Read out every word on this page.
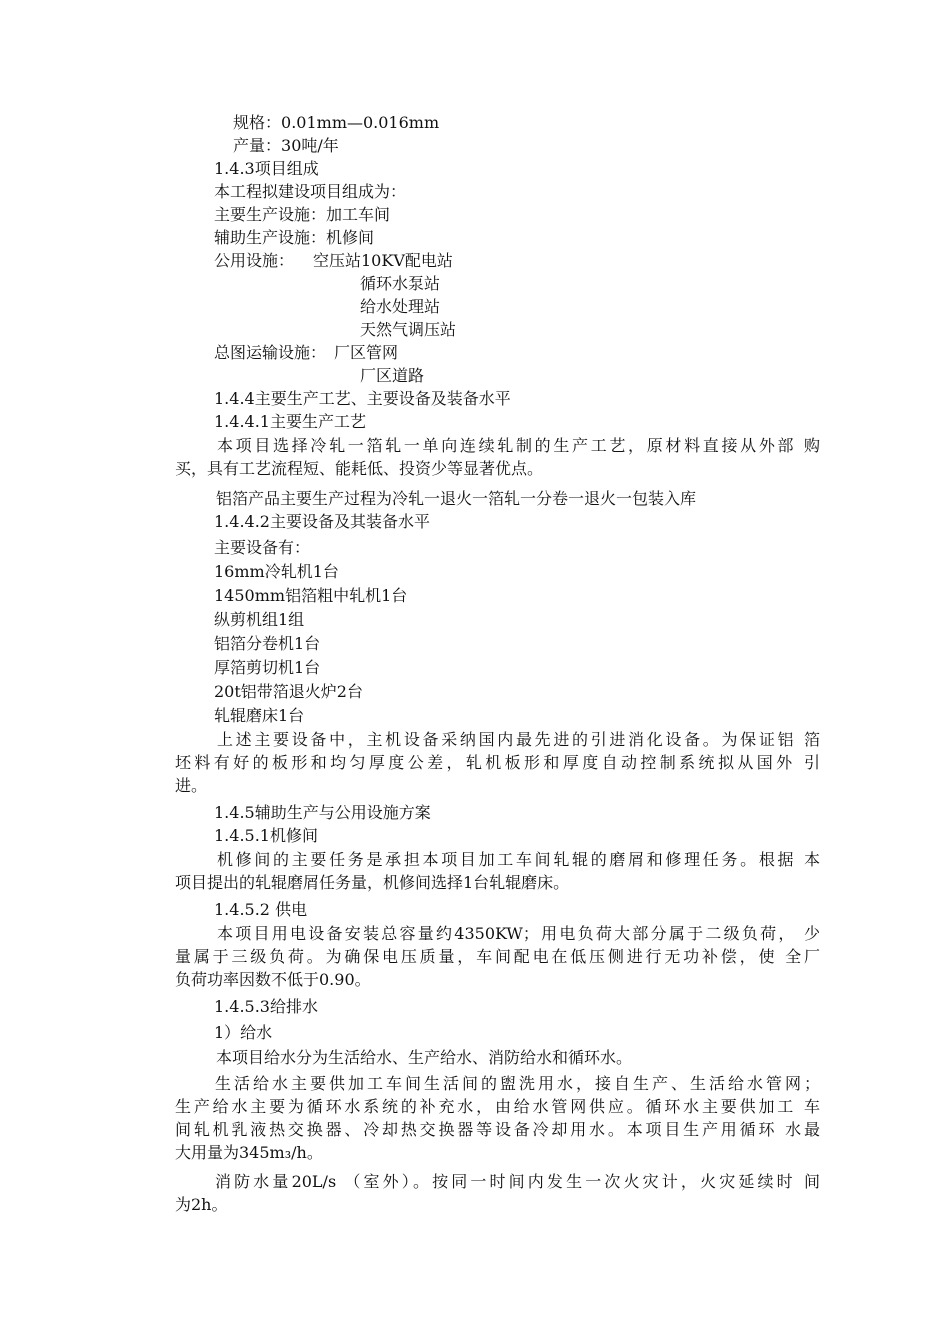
规格：0.01mm—0.016mm
产量：30吨/年
1.4.3项目组成
本工程拟建设项目组成为：
主要生产设施：加工车间
辅助生产设施：机修间
公用设施： 空压站10KV配电站
循环水泵站
给水处理站
天然气调压站
总图运输设施： 厂区管网
厂区道路
1.4.4主要生产工艺、主要设备及装备水平
1.4.4.1主要生产工艺

本项目选择冷轧一箔轧一单向连续轧制的生产工艺，原材料直接从外部 购

买，具有工艺流程短、能耗低、投资少等显著优点。

铝箔产品主要生产过程为冷轧一退火一箔轧一分卷一退火一包装入库
1.4.4.2主要设备及其装备水平
主要设备有：
16mm冷轧机1台
1450mm铝箔粗中轧机1台
纵剪机组1组
铝箔分卷机1台
厚箔剪切机1台
20t铝带箔退火炉2台
轧辊磨床1台

上述主要设备中，主机设备采纳国内最先进的引进消化设备。为保证铝 箔

坯料有好的板形和均匀厚度公差，轧机板形和厚度自动控制系统拟从国外 引

进。

1.4.5辅助生产与公用设施方案
1.4.5.1机修间

机修间的主要任务是承担本项目加工车间轧辊的磨屑和修理任务。根据 本

项目提出的轧辊磨屑任务量，机修间选择1台轧辊磨床。

1.4.5.2 供电

本项目用电设备安装总容量约4350KW；用电负荷大部分属于二级负荷， 少

量属于三级负荷。为确保电压质量，车间配电在低压侧进行无功补偿，使 全厂

负荷功率因数不低于0.90。

1.4.5.3给排水
1）给水
本项目给水分为生活给水、生产给水、消防给水和循环水。

生活给水主要供加工车间生活间的盥洗用水，接自生产、生活给水管网；

生产给水主要为循环水系统的补充水，由给水管网供应。循环水主要供加工 车

间轧机乳液热交换器、冷却热交换器等设备冷却用水。本项目生产用循环 水最

大用量为345m₃/h。

消防水量20L/s （室外）。按同一时间内发生一次火灾计，火灾延续时 间

为2h。
